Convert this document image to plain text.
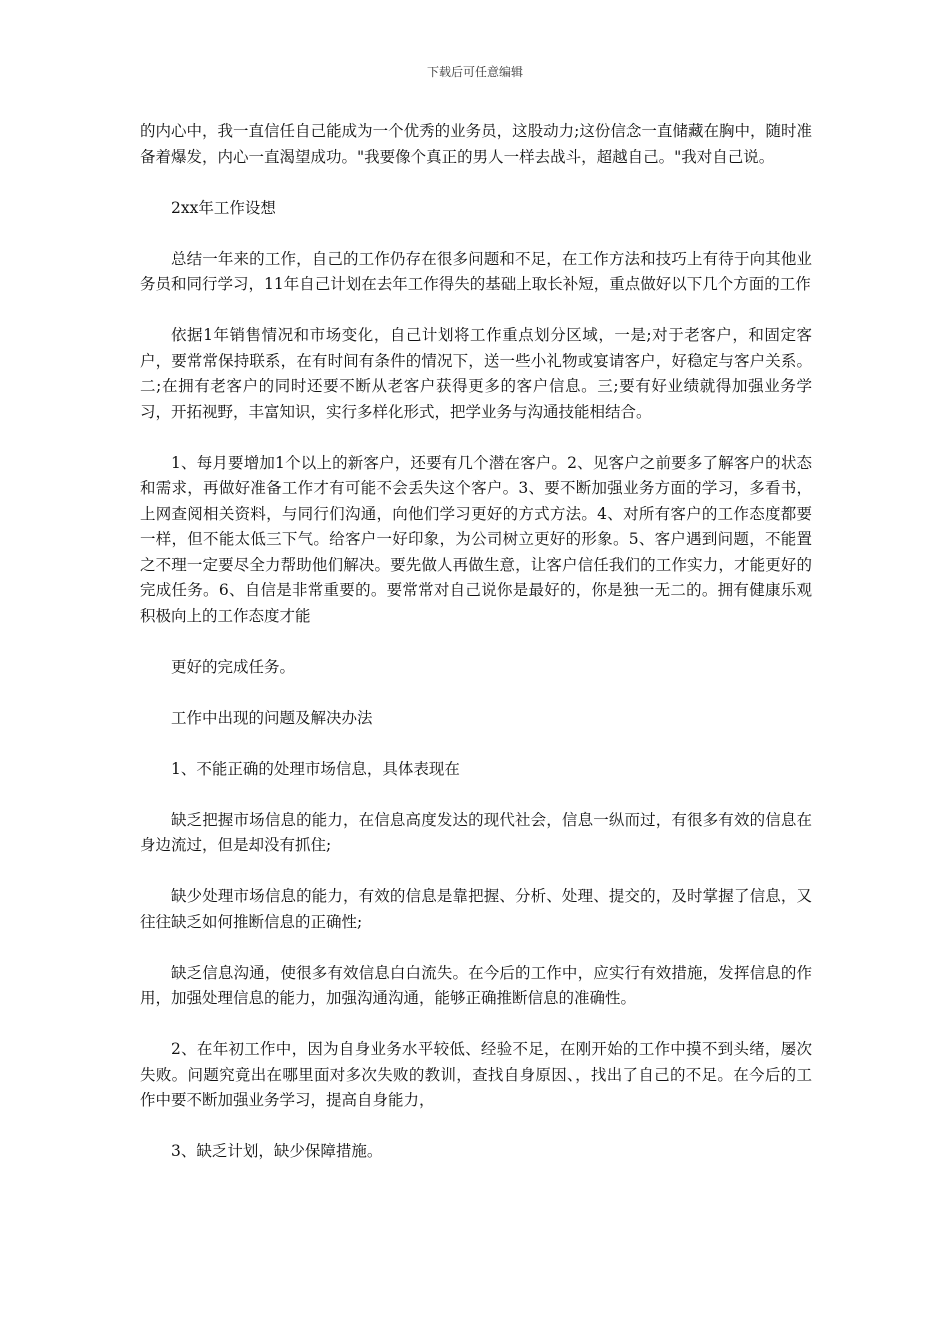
下载后可任意编辑

的内心中，我一直信任自己能成为一个优秀的业务员，这股动力;这份信念一直储藏在胸中，随时准备着爆发，内心一直渴望成功。"我要像个真正的男人一样去战斗，超越自己。"我对自己说。

2xx年工作设想

总结一年来的工作，自己的工作仍存在很多问题和不足，在工作方法和技巧上有待于向其他业务员和同行学习，11年自己计划在去年工作得失的基础上取长补短，重点做好以下几个方面的工作

依据1年销售情况和市场变化，自己计划将工作重点划分区域，一是;对于老客户，和固定客户，要常常保持联系，在有时间有条件的情况下，送一些小礼物或宴请客户，好稳定与客户关系。二;在拥有老客户的同时还要不断从老客户获得更多的客户信息。三;要有好业绩就得加强业务学习，开拓视野，丰富知识，实行多样化形式，把学业务与沟通技能相结合。

1、每月要增加1个以上的新客户，还要有几个潜在客户。2、见客户之前要多了解客户的状态和需求，再做好准备工作才有可能不会丢失这个客户。3、要不断加强业务方面的学习，多看书，上网查阅相关资料，与同行们沟通，向他们学习更好的方式方法。4、对所有客户的工作态度都要一样，但不能太低三下气。给客户一好印象，为公司树立更好的形象。5、客户遇到问题，不能置之不理一定要尽全力帮助他们解决。要先做人再做生意，让客户信任我们的工作实力，才能更好的完成任务。6、自信是非常重要的。要常常对自己说你是最好的，你是独一无二的。拥有健康乐观积极向上的工作态度才能

更好的完成任务。

工作中出现的问题及解决办法

1、不能正确的处理市场信息，具体表现在

缺乏把握市场信息的能力，在信息高度发达的现代社会，信息一纵而过，有很多有效的信息在身边流过，但是却没有抓住;

缺少处理市场信息的能力，有效的信息是靠把握、分析、处理、提交的，及时掌握了信息，又往往缺乏如何推断信息的正确性;

缺乏信息沟通，使很多有效信息白白流失。在今后的工作中，应实行有效措施，发挥信息的作用，加强处理信息的能力，加强沟通沟通，能够正确推断信息的准确性。

2、在年初工作中，因为自身业务水平较低、经验不足，在刚开始的工作中摸不到头绪，屡次失败。问题究竟出在哪里面对多次失败的教训，查找自身原因、，找出了自己的不足。在今后的工作中要不断加强业务学习，提高自身能力，

3、缺乏计划，缺少保障措施。
